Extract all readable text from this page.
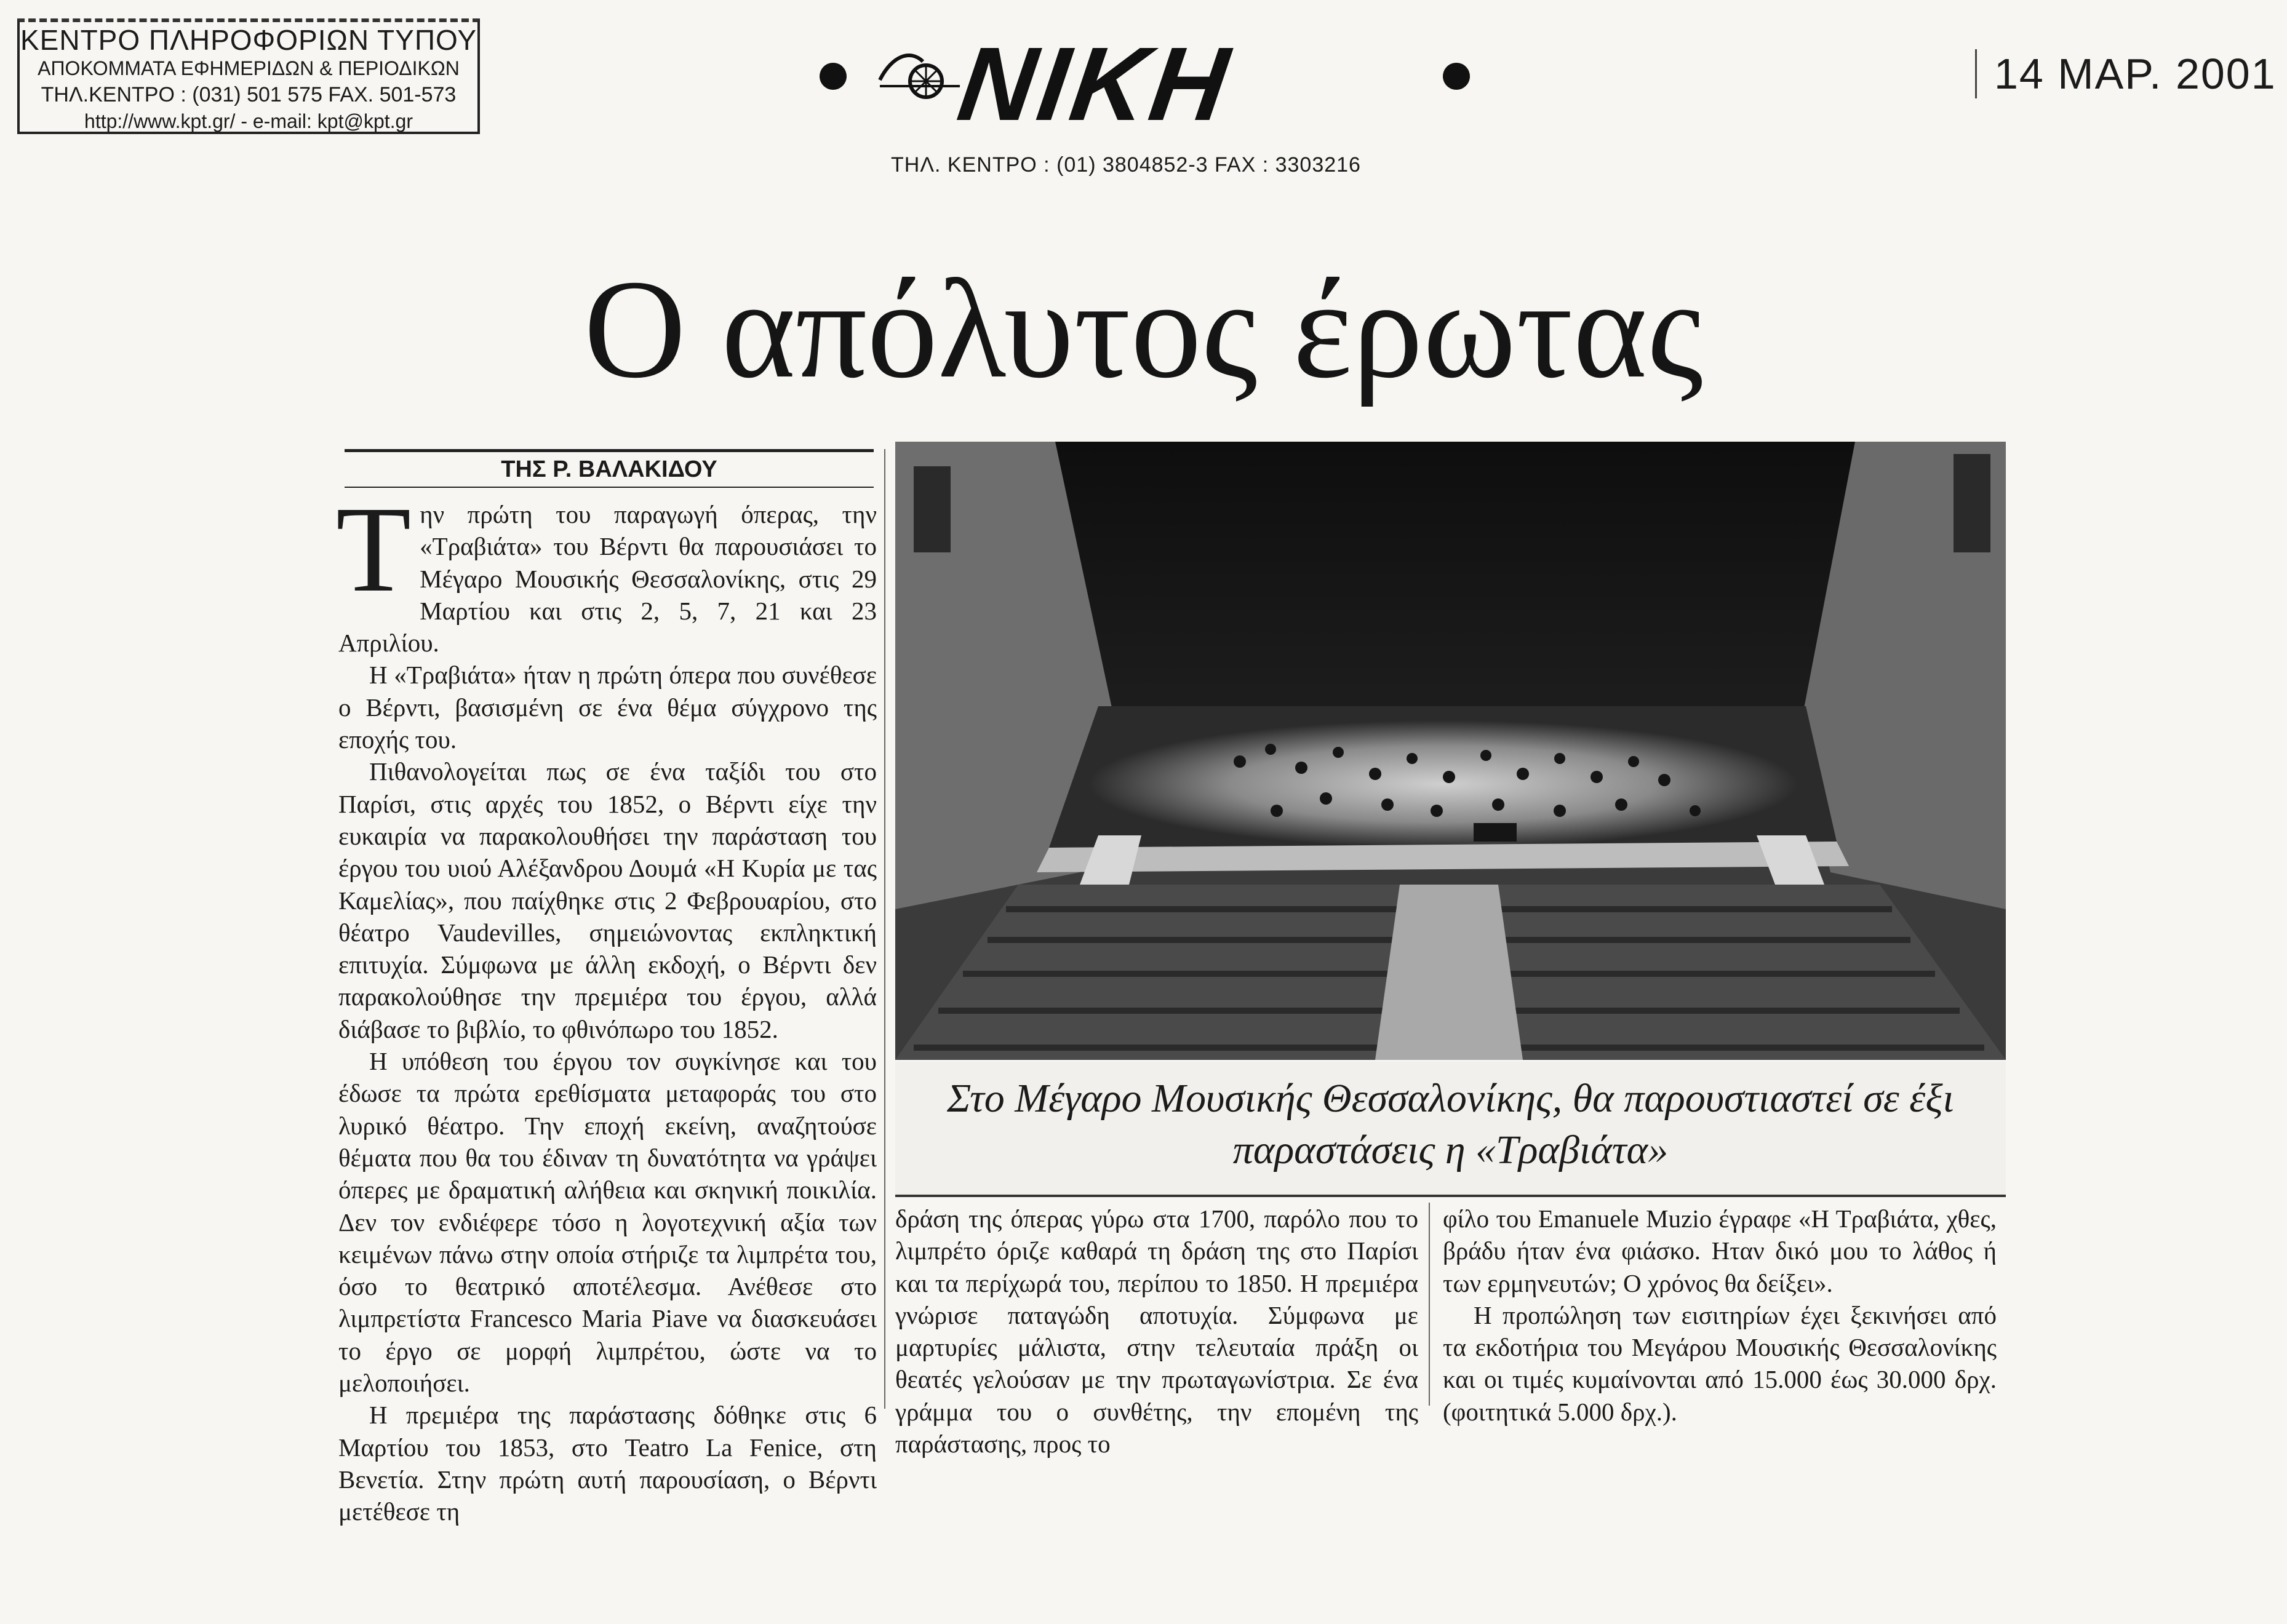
ΚΕΝΤΡΟ ΠΛΗΡΟΦΟΡΙΩΝ ΤΥΠΟΥ
ΑΠΟΚΟΜΜΑΤΑ ΕΦΗΜΕΡΙΔΩΝ & ΠΕΡΙΟΔΙΚΩΝ
ΤΗΛ.ΚΕΝΤΡΟ : (031) 501 575 FAX. 501-573
http://www.kpt.gr/ - e-mail: kpt@kpt.gr	ΝΙΚΗ
ΤΗΛ. ΚΕΝΤΡΟ : (01) 3804852-3 FAX : 3303216
14 ΜΑΡ. 2001
Ο απόλυτος έρωτας
ΤΗΣ Ρ. ΒΑΛΑΚΙΔΟΥ

Την πρώτη του παραγωγή όπερας, την «Τραβιάτα» του Βέρντι θα παρουσιάσει το Μέγαρο Μουσικής Θεσσαλονίκης, στις 29 Μαρτίου και στις 2, 5, 7, 21 και 23 Απριλίου.

Η «Τραβιάτα» ήταν η πρώτη όπερα που συνέθεσε ο Βέρντι, βασισμένη σε ένα θέμα σύγχρονο της εποχής του.

Πιθανολογείται πως σε ένα ταξίδι του στο Παρίσι, στις αρχές του 1852, ο Βέρντι είχε την ευκαιρία να παρακολουθήσει την παράσταση του έργου του υιού Αλέξανδρου Δουμά «Η Κυρία με τας Καμελίας», που παίχθηκε στις 2 Φεβρουαρίου, στο θέατρο Vaudevilles, σημειώνοντας εκπληκτική επιτυχία. Σύμφωνα με άλλη εκδοχή, ο Βέρντι δεν παρακολούθησε την πρεμιέρα του έργου, αλλά διάβασε το βιβλίο, το φθινόπωρο του 1852.

Η υπόθεση του έργου τον συγκίνησε και του έδωσε τα πρώτα ερεθίσματα μεταφοράς του στο λυρικό θέατρο. Την εποχή εκείνη, αναζητούσε θέματα που θα του έδιναν τη δυνατότητα να γράψει όπερες με δραματική αλήθεια και σκηνική ποικιλία. Δεν τον ενδιέφερε τόσο η λογοτεχνική αξία των κειμένων πάνω στην οποία στήριζε τα λιμπρέτα του, όσο το θεατρικό αποτέλεσμα. Ανέθεσε στο λιμπρετίστα Francesco Maria Piave να διασκευάσει το έργο σε μορφή λιμπρέτου, ώστε να το μελοποιήσει.

Η πρεμιέρα της παράστασης δόθηκε στις 6 Μαρτίου του 1853, στο Teatro La Fenice, στη Βενετία. Στην πρώτη αυτή παρουσίαση, ο Βέρντι μετέθεσε τη

Στο Μέγαρο Μουσικής Θεσσαλονίκης, θα παρουστιαστεί σε έξι παραστάσεις η «Τραβιάτα»

δράση της όπερας γύρω στα 1700, παρόλο που το λιμπρέτο όριζε καθαρά τη δράση της στο Παρίσι και τα περίχωρά του, περίπου το 1850. Η πρεμιέρα γνώρισε παταγώδη αποτυχία. Σύμφωνα με μαρτυρίες μάλιστα, στην τελευταία πράξη οι θεατές γελούσαν με την πρωταγωνίστρια. Σε ένα γράμμα του ο συνθέτης, την επομένη της παράστασης, προς το

φίλο του Emanuele Muzio έγραφε «Η Τραβιάτα, χθες, βράδυ ήταν ένα φιάσκο. Ηταν δικό μου το λάθος ή των ερμηνευτών; Ο χρόνος θα δείξει».

Η προπώληση των εισιτηρίων έχει ξεκινήσει από τα εκδοτήρια του Μεγάρου Μουσικής Θεσσαλονίκης και οι τιμές κυμαίνονται από 15.000 έως 30.000 δρχ. (φοιτητικά 5.000 δρχ.).
